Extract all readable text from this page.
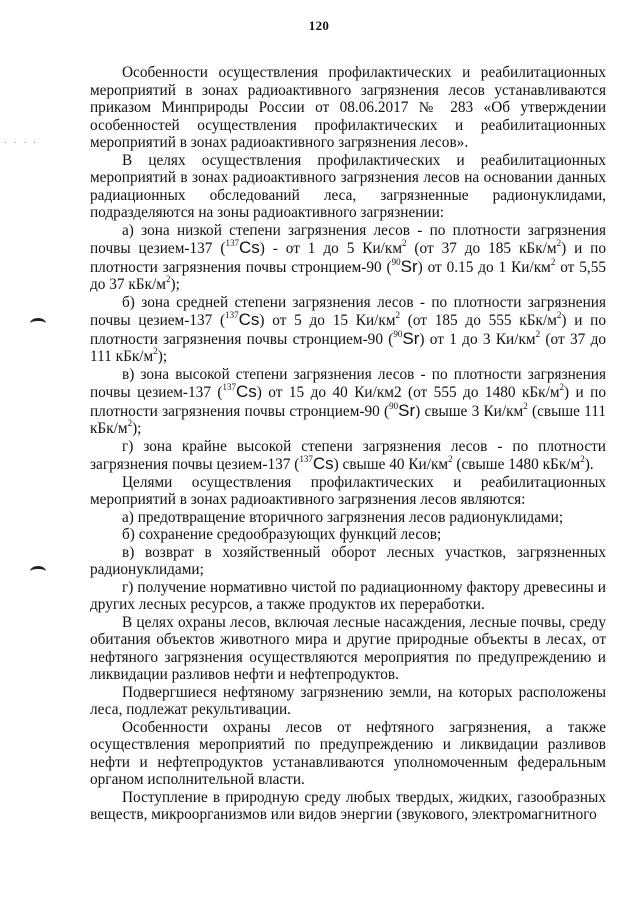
120
. . . .

Особенности осуществления профилактических и реабилитационных мероприятий в зонах радиоактивного загрязнения лесов устанавливаются приказом Минприроды России от 08.06.2017 № 283 «Об утверждении особенностей осуществления профилактических и реабилитационных мероприятий в зонах радиоактивного загрязнения лесов».

В целях осуществления профилактических и реабилитационных мероприятий в зонах радиоактивного загрязнения лесов на основании данных радиационных обследований леса, загрязненные радионуклидами, подразделяются на зоны радиоактивного загрязнении:

а) зона низкой степени загрязнения лесов - по плотности загрязнения почвы цезием-137 ($^{137}$Cs) - от 1 до 5 $Ки/км^2$ (от 37 до 185 кБк/$м^2$) и по плотности загрязнения почвы стронцием-90 ($^{90}$Sr) от 0.15 до 1 $Ки/км^2$ от 5,55 до 37 кБк/$м^2$);

б) зона средней степени загрязнения лесов - по плотности загрязнения почвы цезием-137 ($^{137}$Cs) от 5 до 15 $Ки/км^2$ (от 185 до 555 кБк/$м^2$) и по плотности загрязнения почвы стронцием-90 ($^{90}$Sr) от 1 до 3 $Ки/км^2$ (от 37 до 111 кБк/$м^2$);

в) зона высокой степени загрязнения лесов - по плотности загрязнения почвы цезием-137 ($^{137}$Cs) от 15 до 40 Ки/км2 (от 555 до 1480 кБк/$м^2$) и по плотности загрязнения почвы стронцием-90 ($^{90}$Sr) свыше 3 $Ки/км^2$ (свыше 111 кБк/$м^2$);

г) зона крайне высокой степени загрязнения лесов - по плотности загрязнения почвы цезием-137 ($^{137}$Cs) свыше 40 $Ки/км^2$ (свыше 1480 кБк/$м^2$).

Целями осуществления профилактических и реабилитационных мероприятий в зонах радиоактивного загрязнения лесов являются:

а) предотвращение вторичного загрязнения лесов радионуклидами;

б) сохранение средообразующих функций лесов;

в) возврат в хозяйственный оборот лесных участков, загрязненных радионуклидами;

г) получение нормативно чистой по радиационному фактору древесины и других лесных ресурсов, а также продуктов их переработки.

В целях охраны лесов, включая лесные насаждения, лесные почвы, среду обитания объектов животного мира и другие природные объекты в лесах, от нефтяного загрязнения осуществляются мероприятия по предупреждению и ликвидации разливов нефти и нефтепродуктов.

Подвергшиеся нефтяному загрязнению земли, на которых расположены леса, подлежат рекультивации.

Особенности охраны лесов от нефтяного загрязнения, а также осуществления мероприятий по предупреждению и ликвидации разливов нефти и нефтепродуктов устанавливаются уполномоченным федеральным органом исполнительной власти.

Поступление в природную среду любых твердых, жидких, газообразных веществ, микроорганизмов или видов энергии (звукового, электромагнитного
